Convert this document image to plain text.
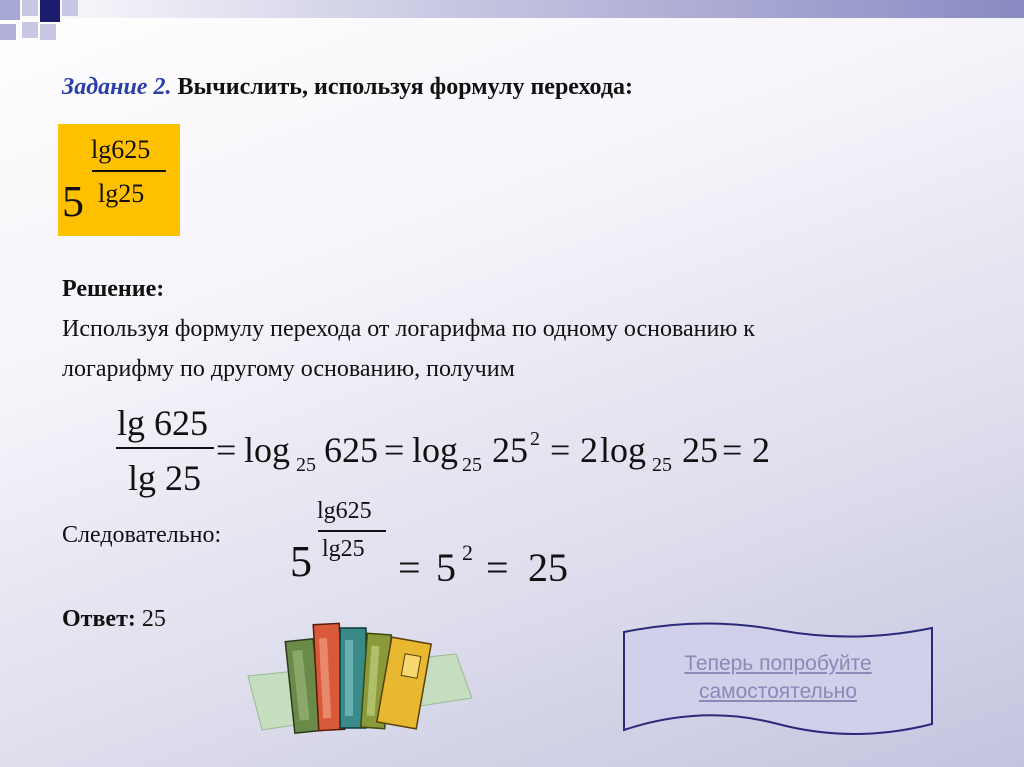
Задание 2. Вычислить, используя формулу перехода:
5
lg625
lg25
Решение:
Используя формулу перехода от логарифма по одному основанию к
логарифму по другому основанию, получим
lg 625
lg 25
= log 25 625 = log 25 25 2 = 2 log 25 25 = 2
Следовательно:
5
lg625
lg25 = 5 2 = 25
Ответ: 25
Теперь попробуйте
самостоятельно
